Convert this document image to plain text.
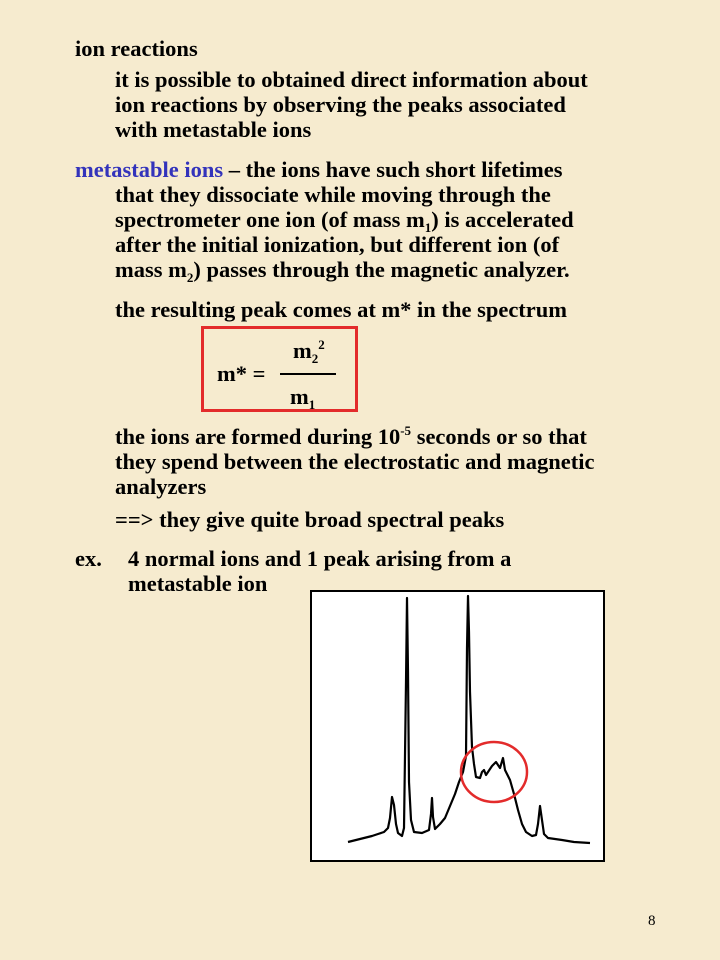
ion reactions
it is possible to obtained direct information about
ion reactions by observing the peaks associated
with metastable ions
metastable ions – the ions have such short lifetimes
that they dissociate while moving through the
spectrometer one ion (of mass $m_1$) is accelerated
after the initial ionization, but different ion (of
mass $m_2$) passes through the magnetic analyzer.
the resulting peak comes at m* in the spectrum
$m_2^2$
m* =
$m_1$
the ions are formed during $10^{-5}$ seconds or so that
they spend between the electrostatic and magnetic
analyzers
==> they give quite broad spectral peaks
ex. 4 normal ions and 1 peak arising from a
metastable ion
8
